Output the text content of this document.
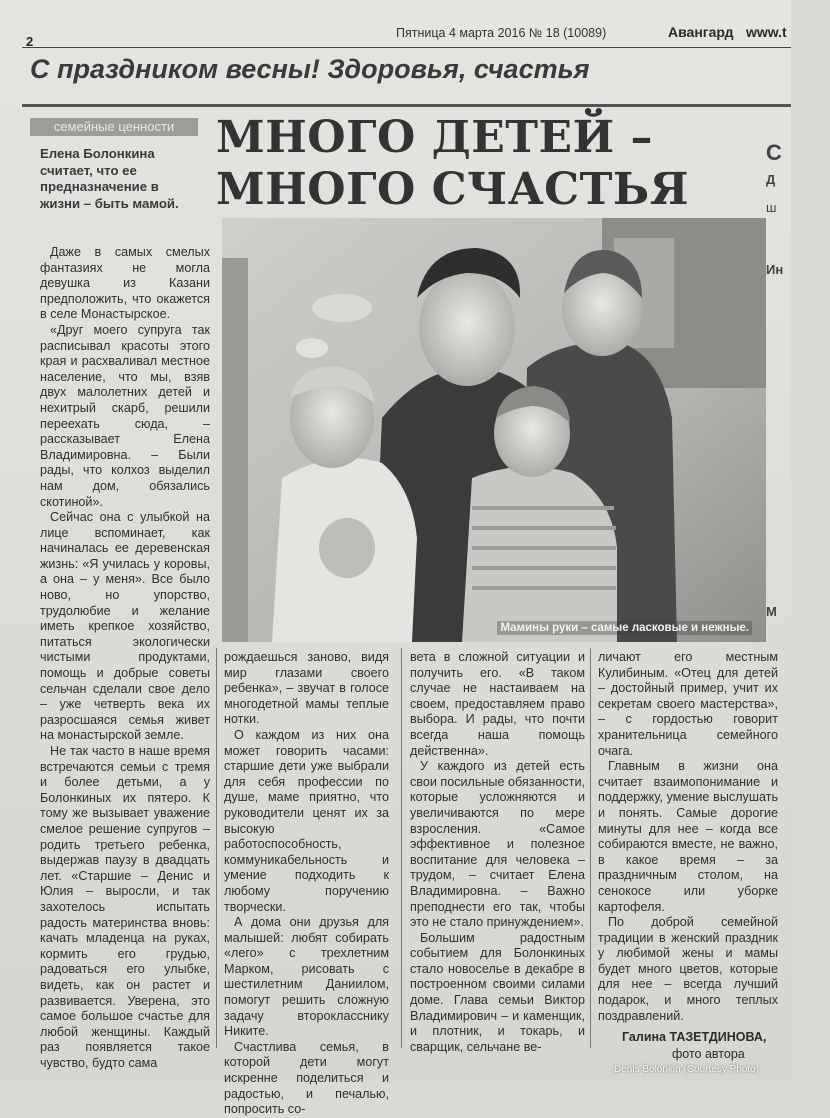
2
Пятница 4 марта 2016 № 18 (10089)	Авангард www.t
С праздником весны! Здоровья, счастья
семейные ценности
Елена Болонкина считает, что ее предназначение в жизни – быть мамой.
МНОГО ДЕТЕЙ –
МНОГО СЧАСТЬЯ
Мамины руки – самые ласковые и нежные.

Даже в самых смелых фантазиях не могла девушка из Казани предположить, что окажется в селе Монастырское.

«Друг моего супруга так расписывал красоты этого края и расхваливал местное население, что мы, взяв двух малолетних детей и нехитрый скарб, решили переехать сюда, – рассказывает Елена Владимировна. – Были рады, что колхоз выделил нам дом, обязались скотиной».

Сейчас она с улыбкой на лице вспоминает, как начиналась ее деревенская жизнь: «Я училась у коровы, а она – у меня». Все было ново, но упорство, трудолюбие и желание иметь крепкое хозяйство, питаться экологически чистыми продуктами, помощь и добрые советы сельчан сделали свое дело – уже четверть века их разросшаяся семья живет на монастырской земле.

Не так часто в наше время встречаются семьи с тремя и более детьми, а у Болонкиных их пятеро. К тому же вызывает уважение смелое решение супругов – родить третьего ребенка, выдержав паузу в двадцать лет. «Старшие – Денис и Юлия – выросли, и так захотелось испытать радость материнства вновь: качать младенца на руках, кормить его грудью, радоваться его улыбке, видеть, как он растет и развивается. Уверена, это самое большое счастье для любой женщины. Каждый раз появляется такое чувство, будто сама

рождаешься заново, видя мир глазами своего ребенка», – звучат в голосе многодетной мамы теплые нотки.

О каждом из них она может говорить часами: старшие дети уже выбрали для себя профессии по душе, маме приятно, что руководители ценят их за высокую работоспособность, коммуникабельность и умение подходить к любому поручению творчески.

А дома они друзья для малышей: любят собирать «лего» с трехлетним Марком, рисовать с шестилетним Даниилом, помогут решить сложную задачу второкласснику Никите.

Счастлива семья, в которой дети могут искренне поделиться и радостью, и печалью, попросить со-

вета в сложной ситуации и получить его. «В таком случае не настаиваем на своем, предоставляем право выбора. И рады, что почти всегда наша помощь действенна».

У каждого из детей есть свои посильные обязанности, которые усложняются и увеличиваются по мере взросления. «Самое эффективное и полезное воспитание для человека – трудом, – считает Елена Владимировна. – Важно преподнести его так, чтобы это не стало принуждением».

Большим радостным событием для Болонкиных стало новоселье в декабре в построенном своими силами доме. Глава семьи Виктор Владимирович – и каменщик, и плотник, и токарь, и сварщик, сельчане ве-

личают его местным Кулибиным. «Отец для детей – достойный пример, учит их секретам своего мастерства», – с гордостью говорит хранительница семейного очага.

Главным в жизни она считает взаимопонимание и поддержку, умение выслушать и понять. Самые дорогие минуты для нее – когда все собираются вместе, не важно, в какое время – за праздничным столом, на сенокосе или уборке картофеля.

По доброй семейной традиции в женский праздник у любимой жены и мамы будет много цветов, которые для нее – всегда лучший подарок, и много теплых поздравлений.

Галина ТАЗЕТДИНОВА,
фото автора
С
Д
ш
Ин
М
Denis Bolonkin (Courtesy Photo)
